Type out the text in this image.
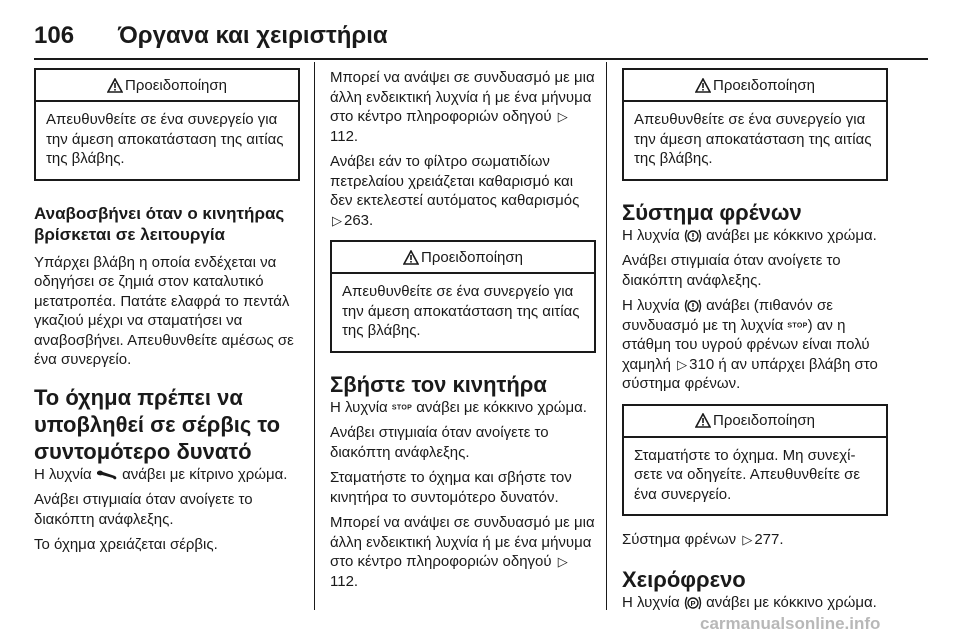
106 Όργανα και χειριστήρια
Προειδοποίηση
Απευθυνθείτε σε ένα συνεργείο για την άμεση αποκατάσταση της αιτίας της βλάβης.
Αναβοσβήνει όταν ο κινητήρας βρίσκεται σε λειτουργία

Υπάρχει βλάβη η οποία ενδέχεται να οδηγήσει σε ζημιά στον καταλυτικό μετατροπέα. Πατάτε ελαφρά το πεντάλ γκαζιού μέχρι να σταματήσει να αναβοσβήνει. Απευθυνθείτε αμέσως σε ένα συνεργείο.

Το όχημα πρέπει να υποβληθεί σε σέρβις το συντομότερο δυνατό

Η λυχνία ανάβει με κίτρινο χρώμα.

Ανάβει στιγμιαία όταν ανοίγετε το διακόπτη ανάφλεξης.

Το όχημα χρειάζεται σέρβις.

Μπορεί να ανάψει σε συνδυασμό με μια άλλη ενδεικτική λυχνία ή με ένα μήνυμα στο κέντρο πληροφοριών οδηγού ▷112.

Ανάβει εάν το φίλτρο σωματιδίων πετρελαίου χρειάζεται καθαρισμό και δεν εκτελεστεί αυτόματος καθαρισμός ▷ 263.

Προειδοποίηση
Απευθυνθείτε σε ένα συνεργείο για την άμεση αποκατάσταση της αιτίας της βλάβης.
Σβήστε τον κινητήρα

Η λυχνία STOP ανάβει με κόκκινο χρώμα.

Ανάβει στιγμιαία όταν ανοίγετε το διακόπτη ανάφλεξης.

Σταματήστε το όχημα και σβήστε τον κινητήρα το συντομότερο δυνατόν.

Μπορεί να ανάψει σε συνδυασμό με μια άλλη ενδεικτική λυχνία ή με ένα μήνυμα στο κέντρο πληροφοριών οδηγού ▷112.

Προειδοποίηση
Απευθυνθείτε σε ένα συνεργείο για την άμεση αποκατάσταση της αιτίας της βλάβης.
Σύστημα φρένων

Η λυχνία ανάβει με κόκκινο χρώμα.

Ανάβει στιγμιαία όταν ανοίγετε το διακόπτη ανάφλεξης.

Η λυχνία ανάβει (πιθανόν σε συνδυασμό με τη λυχνία STOP) αν η στάθμη του υγρού φρένων είναι πολύ χαμηλή ▷ 310 ή αν υπάρχει βλάβη στο σύστημα φρένων.

Προειδοποίηση
Σταματήστε το όχημα. Μη συνεχί-σετε να οδηγείτε. Απευθυνθείτε σε ένα συνεργείο.

Σύστημα φρένων ▷ 277.

Χειρόφρενο

Η λυχνία P ανάβει με κόκκινο χρώμα.

carmanualsonline.info
